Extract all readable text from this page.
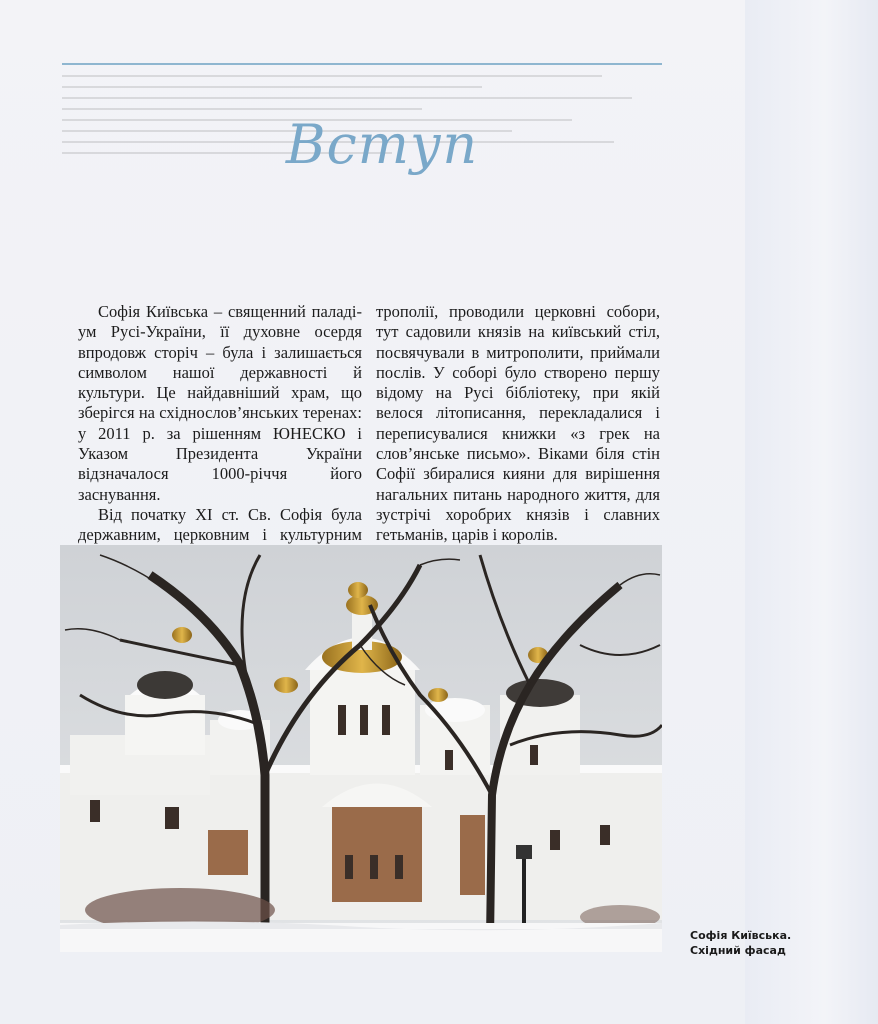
Вступ

Софія Київська – священний паладі-ум Русі-України, її духовне осердя впродовж сторіч – була і залишається символом нашої державності й культури. Це найдавніший храм, що зберігся на східнослов’янських теренах: у 2011 р. за рішенням ЮНЕСКО і Указом Президента України відзначалося 1000-річчя його заснування.

Від початку XI ст. Св. Софія була державним, церковним і культурним

трополії, проводили церковні собори, тут садовили князів на київський стіл, посвячували в митрополити, приймали послів. У соборі було створено першу відому на Русі бібліотеку, при якій велося літописання, перекладалися і переписувалися книжки «з грек на слов’янське письмо». Віками біля стін Софії збиралися кияни для вирішення нагальних питань народного життя, для зустрічі хоробрих князів і славних гетьманів, царів і королів.

Софія Київська. Східний фасад
